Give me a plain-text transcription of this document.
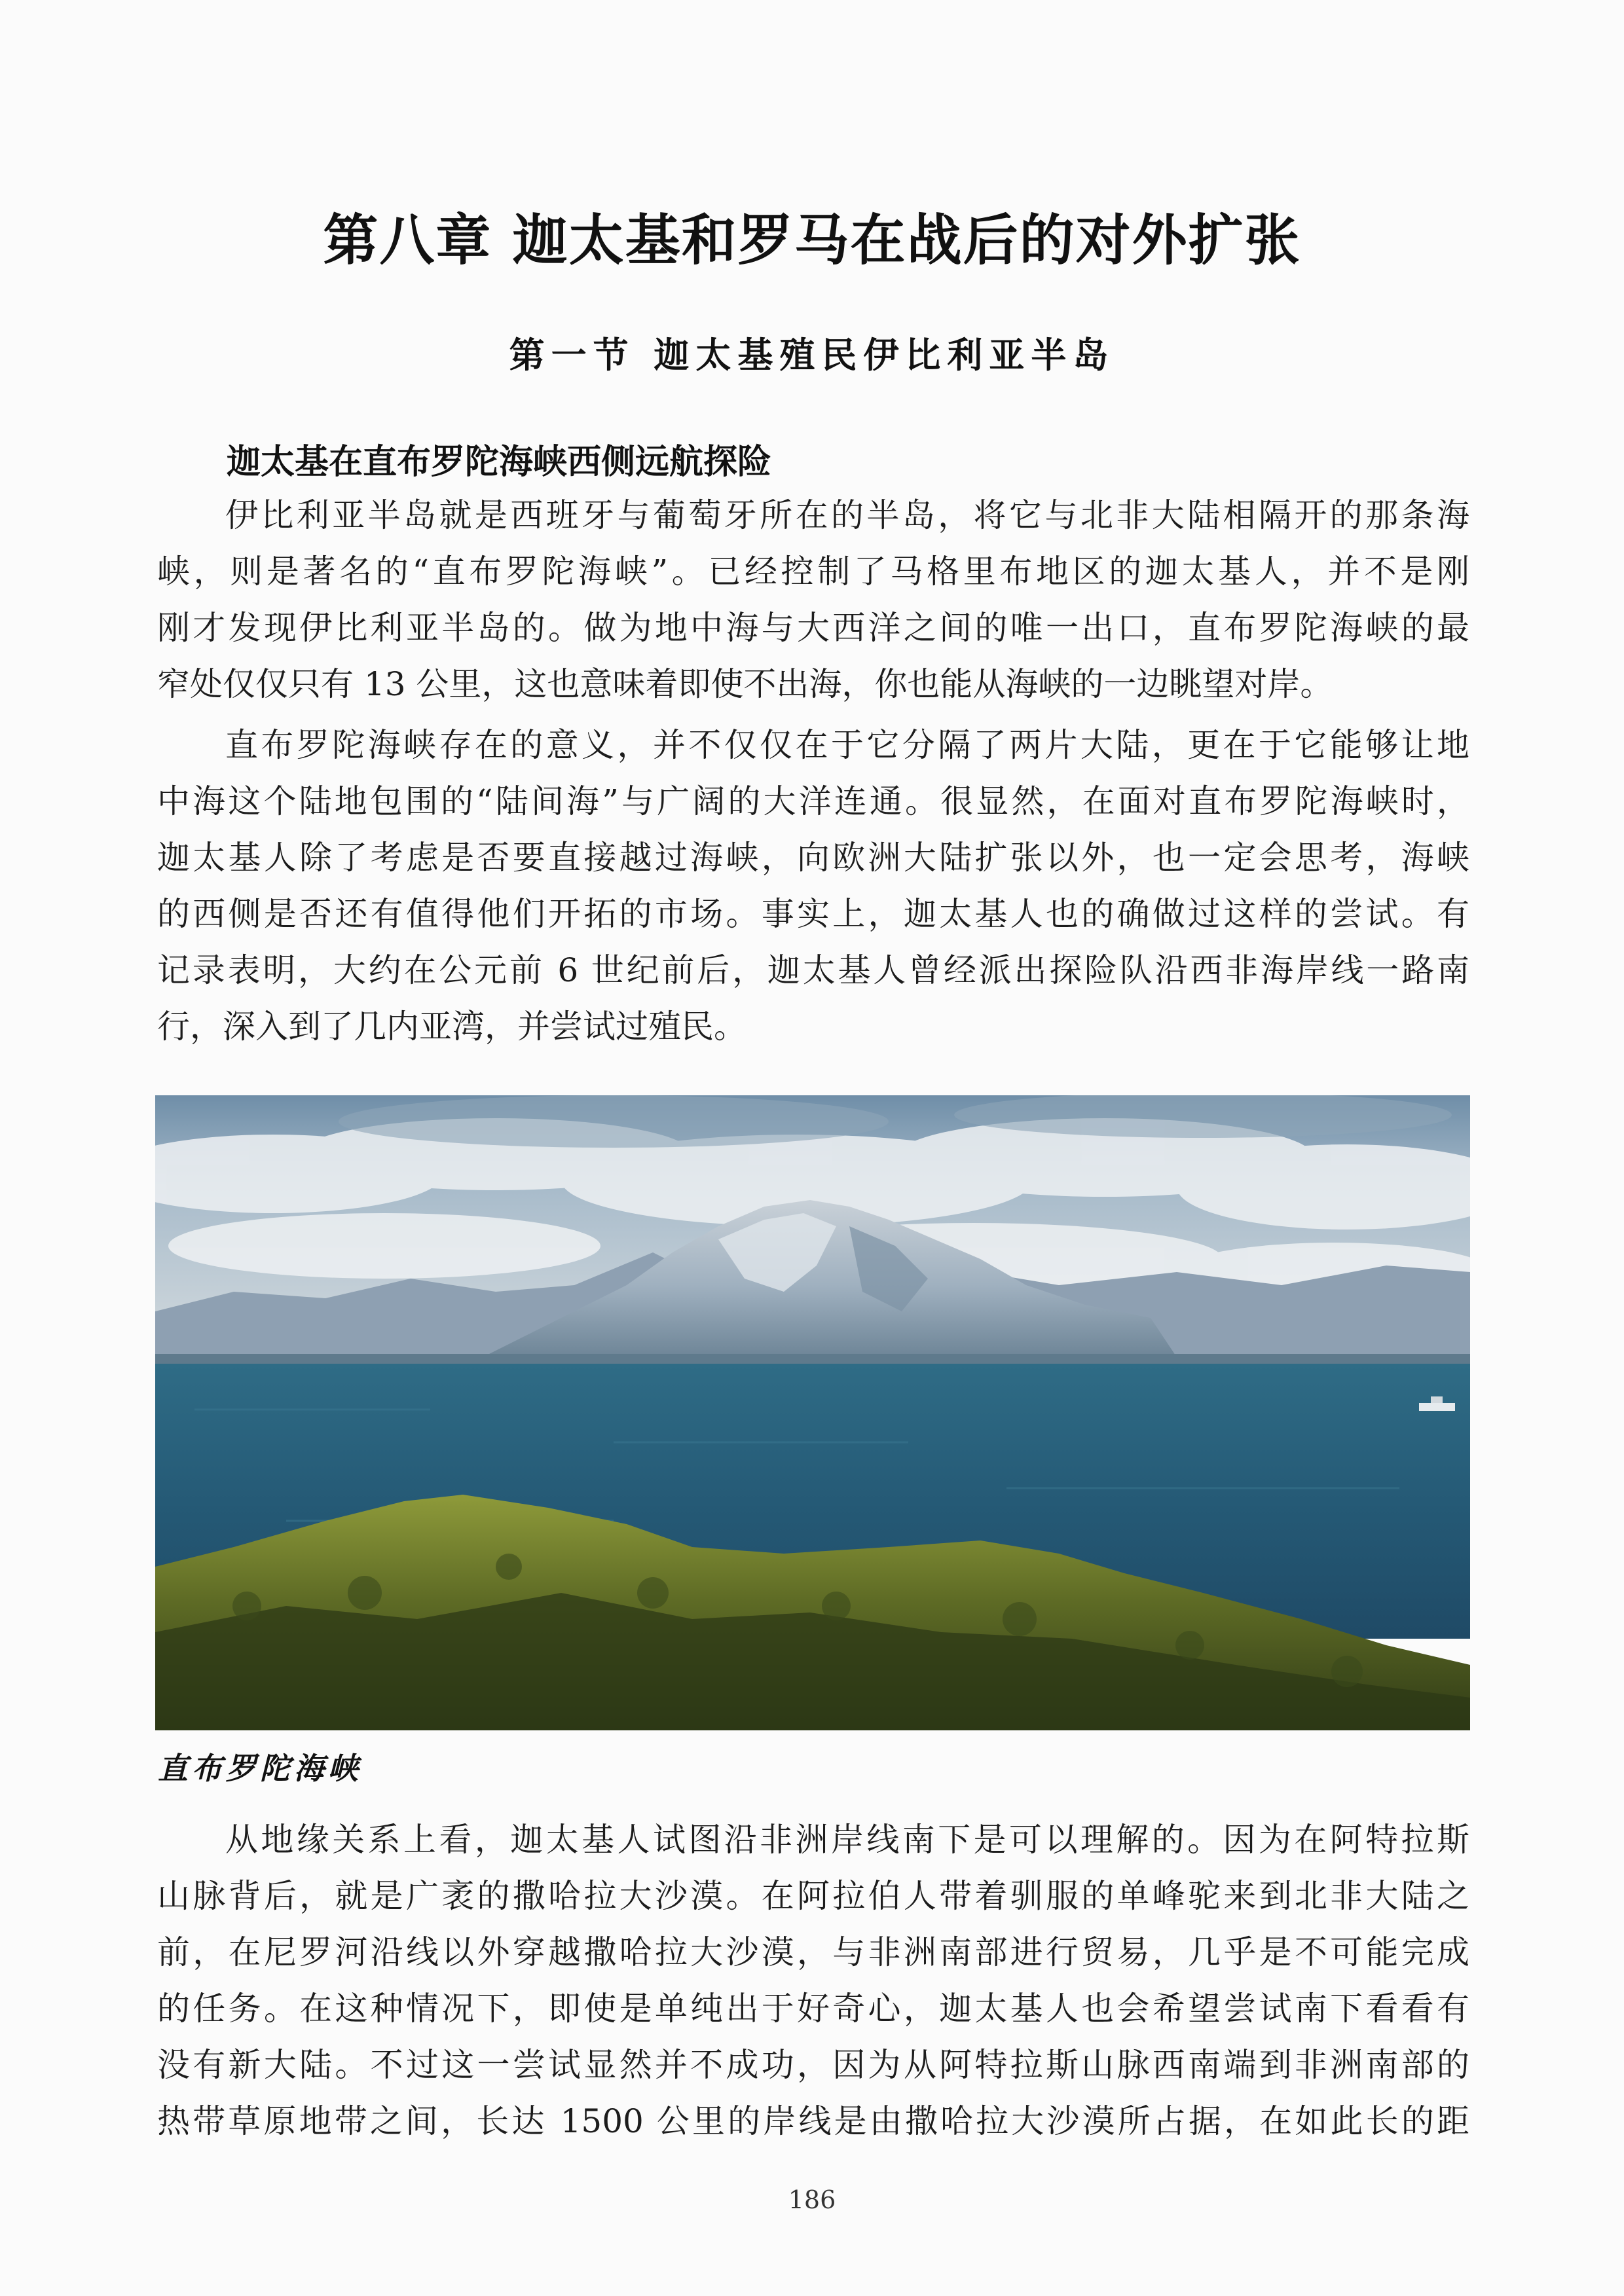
第八章 迦太基和罗马在战后的对外扩张
第一节 迦太基殖民伊比利亚半岛
迦太基在直布罗陀海峡西侧远航探险
伊比利亚半岛就是西班牙与葡萄牙所在的半岛，将它与北非大陆相隔开的那条海
峡，则是著名的“直布罗陀海峡”。已经控制了马格里布地区的迦太基人，并不是刚
刚才发现伊比利亚半岛的。做为地中海与大西洋之间的唯一出口，直布罗陀海峡的最
窄处仅仅只有 13 公里，这也意味着即使不出海，你也能从海峡的一边眺望对岸。
直布罗陀海峡存在的意义，并不仅仅在于它分隔了两片大陆，更在于它能够让地
中海这个陆地包围的“陆间海”与广阔的大洋连通。很显然，在面对直布罗陀海峡时，
迦太基人除了考虑是否要直接越过海峡，向欧洲大陆扩张以外，也一定会思考，海峡
的西侧是否还有值得他们开拓的市场。事实上，迦太基人也的确做过这样的尝试。有
记录表明，大约在公元前 6 世纪前后，迦太基人曾经派出探险队沿西非海岸线一路南
行，深入到了几内亚湾，并尝试过殖民。
直布罗陀海峡
从地缘关系上看，迦太基人试图沿非洲岸线南下是可以理解的。因为在阿特拉斯
山脉背后，就是广袤的撒哈拉大沙漠。在阿拉伯人带着驯服的单峰驼来到北非大陆之
前，在尼罗河沿线以外穿越撒哈拉大沙漠，与非洲南部进行贸易，几乎是不可能完成
的任务。在这种情况下，即使是单纯出于好奇心，迦太基人也会希望尝试南下看看有
没有新大陆。不过这一尝试显然并不成功，因为从阿特拉斯山脉西南端到非洲南部的
热带草原地带之间，长达 1500 公里的岸线是由撒哈拉大沙漠所占据，在如此长的距
186
